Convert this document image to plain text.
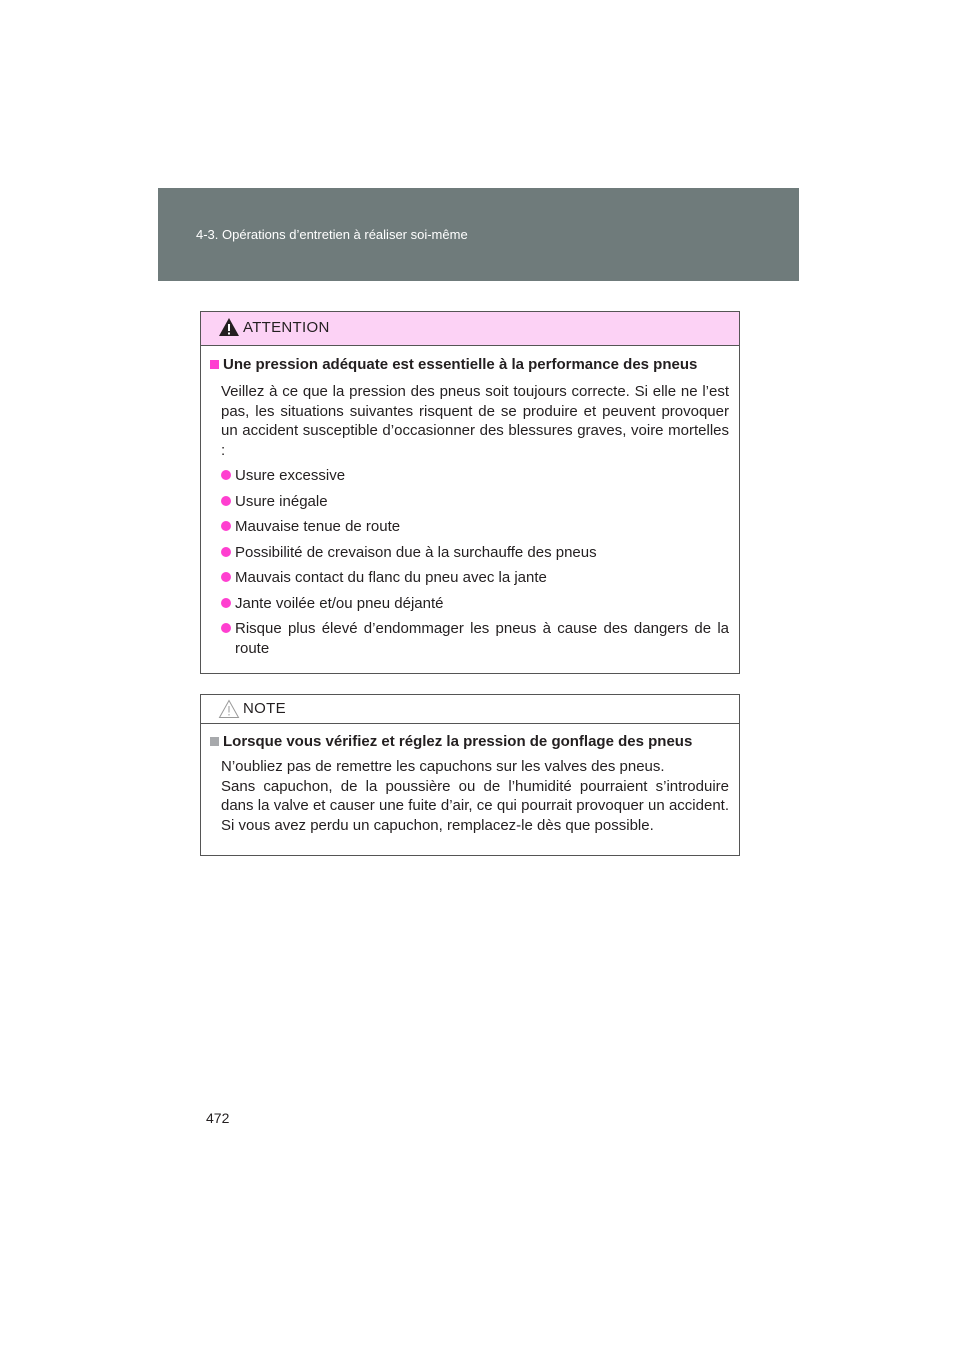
4-3. Opérations d’entretien à réaliser soi-même
ATTENTION
Une pression adéquate est essentielle à la performance des pneus
Veillez à ce que la pression des pneus soit toujours correcte. Si elle ne l’est pas, les situations suivantes risquent de se produire et peuvent provoquer un accident susceptible d’occasionner des blessures graves, voire mortelles :
Usure excessive
Usure inégale
Mauvaise tenue de route
Possibilité de crevaison due à la surchauffe des pneus
Mauvais contact du flanc du pneu avec la jante
Jante voilée et/ou pneu déjanté
Risque plus élevé d’endommager les pneus à cause des dangers de la route
NOTE
Lorsque vous vérifiez et réglez la pression de gonflage des pneus
N’oubliez pas de remettre les capuchons sur les valves des pneus.
Sans capuchon, de la poussière ou de l’humidité pourraient s’introduire dans la valve et causer une fuite d’air, ce qui pourrait provoquer un accident. Si vous avez perdu un capuchon, remplacez-le dès que possible.
472
